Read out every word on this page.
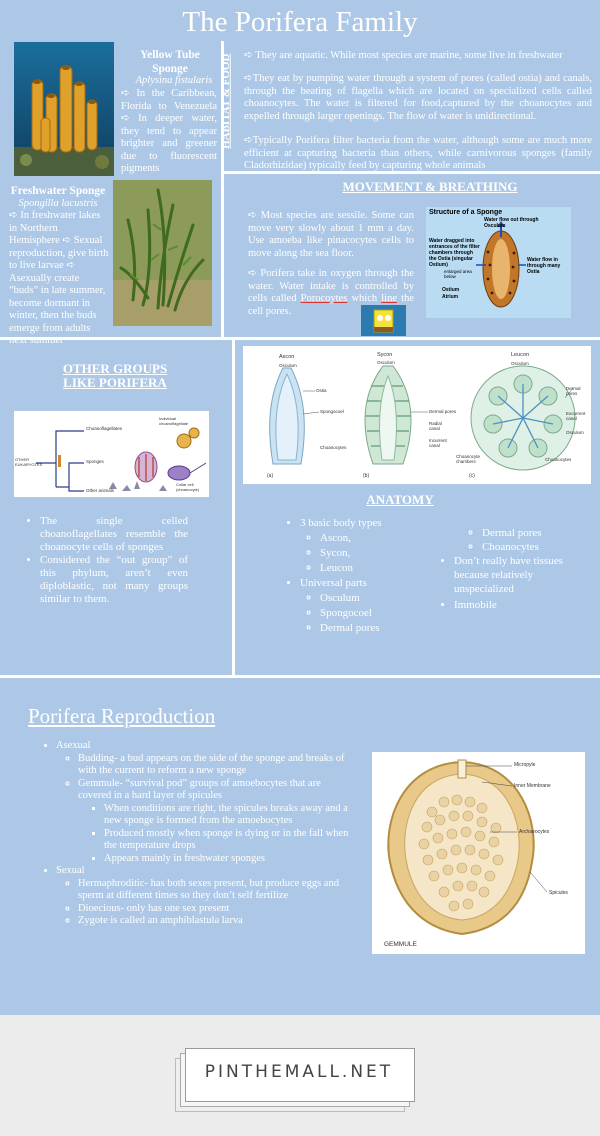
The Porifera Family
Yellow Tube Sponge
Aplysina fistularis
➪ In the Caribbean, Florida to Venezuela ➪ In deeper water, they tend to appear brighter and greener due to fluorescent pigments
Freshwater Sponge
Spongilla lacustris
➪ In freshwater lakes in Northern Hemisphere ➪ Sexual reproduction, give birth to live larvae ➪ Asexually create “buds” in late summer, become dormant in winter, then the buds emerge from adults next summer
HABITAT & FOOD ➪ They are aquatic. While most species are marine, some live in freshwater
➪They eat by pumping water through a system of pores (called ostia) and canals, through the beating of flagella which are located on specialized cells called choanocytes. The water is filtered for food,captured by the choanocytes and expelled through larger openings. The flow of water is unidirectional.
➪Typically Porifera filter bacteria from the water, although some are much more efficient at capturing bacteria than others, while carnivorous sponges (family Cladorhizidae) typically feed by capturing whole animals
MOVEMENT & BREATHING
➪ Most species are sessile. Some can move very slowly about 1 mm a day. Use amoeba like pinacocytes cells to move along the sea floor.
➪ Porifera take in oxygen through the water. Water intake is controlled by cells called Porocoytes which line the cell pores.
Structure of a Sponge
Water flow out through Osculum
Water dragged into entrances of the filter chambers through the Ostia (singular Ostium)
enlarged area below
Water flow in through many Ostia
Ostium
Atrium
OTHER GROUPS
LIKE PORIFERA
Choanoflagellates
Individual choanoflagellate
OTHER EUKARYOTES
Sponges
Other animals
Collar cell (choanocyte)
• The single celled choanoflagellates resemble the choanocyte cells of sponges
• Considered the “out group” of this phylum, aren’t even diploblastic, not many groups similar to them.
Ascon	Sycon	Leucon
Osculum
Osculum	Osculum
Ostia
Spongocoel
Choanocytes
Dermal pores
Radial canal
Incurrent canal
Dermal pores
Excurrent canal
Osculum
Choanocyte chambers	Choanocytes
(a)	(b)	(c)
ANATOMY
• 3 basic body types
◦ Ascon,
◦ Sycon,
◦ Leucon
• Universal parts
◦ Osculum
◦ Spongocoel
◦ Dermal pores
◦ Dermal pores
◦ Choanocytes
• Don’t really have tissues because relatively unspecialized
• Immobile
Porifera Reproduction
• Asexual
◦ Budding- a bud appears on the side of the sponge and breaks of with the current to reform a new sponge
◦ Gemmule- “survival pod” groups of amoebocytes that are covered in a hard layer of spicules
▪ When conditions are right, the spicules breaks away and a new sponge is formed from the amoebocytes
▪ Produced mostly when sponge is dying or in the fall when the temperature drops
▪ Appears mainly in freshwater sponges
• Sexual
◦ Hermaphroditic- has both sexes present, but produce eggs and sperm at different times so they don’t self fertilize
◦ Dioecious- only has one sex present
◦ Zygote is called an amphiblastula larva
Micropyle
Inner Membrane
Archaeocytes
Spicules
GEMMULE
PINTHEMALL.NET
